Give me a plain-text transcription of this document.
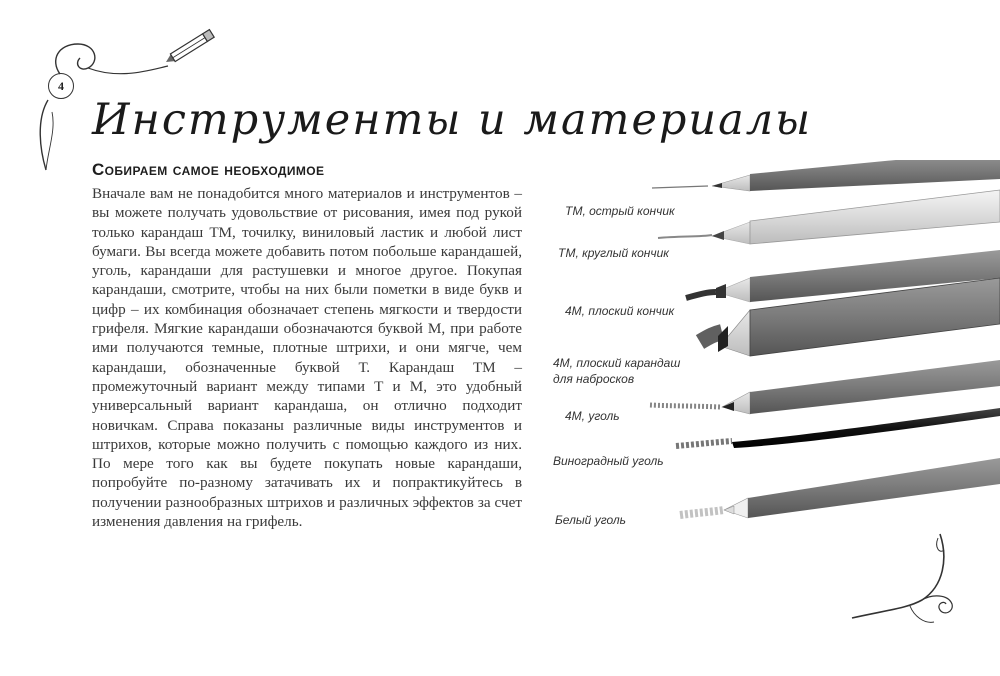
4
Инструменты и материалы
Собираем самое необходимое

Вначале вам не понадобится много материалов и инструментов – вы можете получать удовольствие от рисования, имея под рукой только карандаш ТМ, точилку, виниловый ластик и любой лист бумаги. Вы всегда можете добавить потом побольше карандашей, уголь, карандаши для растушевки и многое другое. Покупая карандаши, смотрите, чтобы на них были пометки в виде букв и цифр – их комбинация обозначает степень мягкости и твердости грифеля. Мягкие карандаши обозначаются буквой М, при работе ими получаются темные, плотные штрихи, и они мягче, чем карандаши, обозначенные буквой Т. Карандаш ТМ – промежуточный вариант между типами Т и М, это удобный универсальный вариант карандаша, он отлично подходит новичкам. Справа показаны различные виды инструментов и штрихов, которые можно получить с помощью каждого из них. По мере того как вы будете покупать новые карандаши, попробуйте по-разному затачивать их и попрактикуйтесь в получении разнообразных штрихов и различных эффектов за счет изменения давления на грифель.

ТМ, острый кончик
ТМ, круглый кончик
4М, плоский кончик
4М, плоский карандаш для набросков
4М, уголь
Виноградный уголь
Белый уголь
